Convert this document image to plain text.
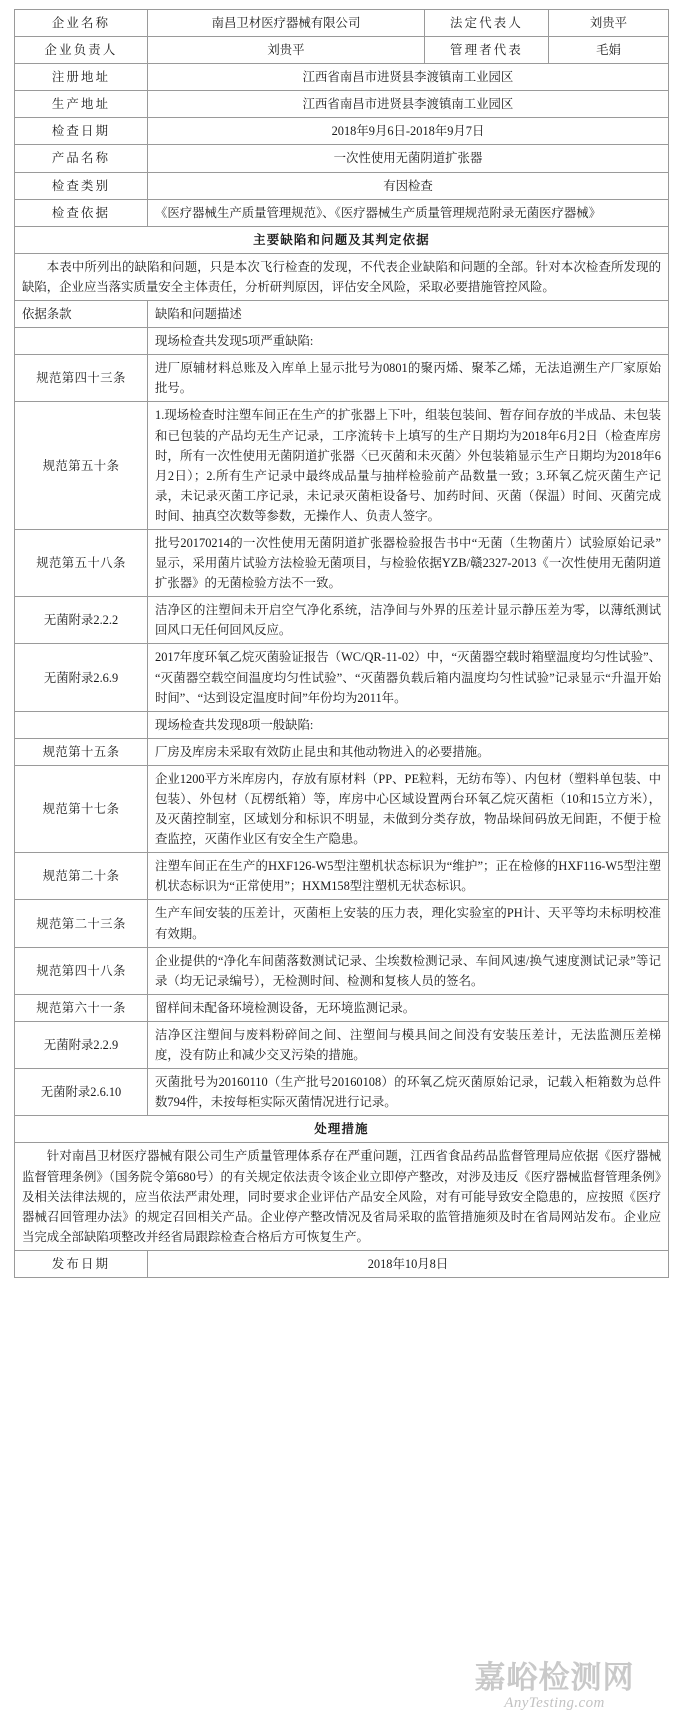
企业名称	南昌卫材医疗器械有限公司	法定代表人	刘贵平
企业负责人	刘贵平	管理者代表	毛娟
注册地址	江西省南昌市进贤县李渡镇南工业园区		
生产地址	江西省南昌市进贤县李渡镇南工业园区		
检查日期	2018年9月6日-2018年9月7日		
产品名称	一次性使用无菌阴道扩张器		
检查类别	有因检查		
检查依据	《医疗器械生产质量管理规范》、《医疗器械生产质量管理规范附录无菌医疗器械》		
主要缺陷和问题及其判定依据			

本表中所列出的缺陷和问题，只是本次飞行检查的发现，不代表企业缺陷和问题的全部。针对本次检查所发现的缺陷，企业应当落实质量安全主体责任，分析研判原因，评估安全风险，采取必要措施管控风险。			

依据条款	缺陷和问题描述		
	现场检查共发现5项严重缺陷:		
规范第四十三条	进厂原辅材料总账及入库单上显示批号为0801的聚丙烯、聚苯乙烯，无法追溯生产厂家原始批号。		
规范第五十条	1.现场检查时注塑车间正在生产的扩张器上下叶，组装包装间、暂存间存放的半成品、未包装和已包装的产品均无生产记录，工序流转卡上填写的生产日期均为2018年6月2日（检查库房时，所有一次性使用无菌阴道扩张器〈已灭菌和未灭菌〉外包装箱显示生产日期均为2018年6月2日）；2.所有生产记录中最终成品量与抽样检验前产品数量一致；3.环氧乙烷灭菌生产记录，未记录灭菌工序记录，未记录灭菌柜设备号、加药时间、灭菌（保温）时间、灭菌完成时间、抽真空次数等参数，无操作人、负责人签字。		
规范第五十八条	批号20170214的一次性使用无菌阴道扩张器检验报告书中“无菌（生物菌片）试验原始记录”显示，采用菌片试验方法检验无菌项目，与检验依据YZB/赣2327-2013《一次性使用无菌阴道扩张器》的无菌检验方法不一致。		
无菌附录2.2.2	洁净区的注塑间未开启空气净化系统，洁净间与外界的压差计显示静压差为零，以薄纸测试回风口无任何回风反应。		
无菌附录2.6.9	2017年度环氧乙烷灭菌验证报告（WC/QR-11-02）中，“灭菌器空载时箱壁温度均匀性试验”、“灭菌器空载空间温度均匀性试验”、“灭菌器负载后箱内温度均匀性试验”记录显示“升温开始时间”、“达到设定温度时间”年份均为2011年。		
	现场检查共发现8项一般缺陷:		
规范第十五条	厂房及库房未采取有效防止昆虫和其他动物进入的必要措施。		
规范第十七条	企业1200平方米库房内，存放有原材料（PP、PE粒料，无纺布等）、内包材（塑料单包装、中包装）、外包材（瓦楞纸箱）等，库房中心区域设置两台环氧乙烷灭菌柜（10和15立方米），及灭菌控制室，区域划分和标识不明显，未做到分类存放，物品垛间码放无间距，不便于检查监控，灭菌作业区有安全生产隐患。		
规范第二十条	注塑车间正在生产的HXF126-W5型注塑机状态标识为“维护”；正在检修的HXF116-W5型注塑机状态标识为“正常使用”；HXM158型注塑机无状态标识。		
规范第二十三条	生产车间安装的压差计，灭菌柜上安装的压力表，理化实验室的PH计、天平等均未标明校准有效期。		
规范第四十八条	企业提供的“净化车间菌落数测试记录、尘埃数检测记录、车间风速/换气速度测试记录”等记录（均无记录编号），无检测时间、检测和复核人员的签名。		
规范第六十一条	留样间未配备环境检测设备，无环境监测记录。		
无菌附录2.2.9	洁净区注塑间与废料粉碎间之间、注塑间与模具间之间没有安装压差计，无法监测压差梯度，没有防止和减少交叉污染的措施。		
无菌附录2.6.10	灭菌批号为20160110（生产批号20160108）的环氧乙烷灭菌原始记录，记载入柜箱数为总件数794件，未按每柜实际灭菌情况进行记录。		
处理措施			

针对南昌卫材医疗器械有限公司生产质量管理体系存在严重问题，江西省食品药品监督管理局应依据《医疗器械监督管理条例》（国务院令第680号）的有关规定依法责令该企业立即停产整改，对涉及违反《医疗器械监督管理条例》及相关法律法规的，应当依法严肃处理，同时要求企业评估产品安全风险，对有可能导致安全隐患的，应按照《医疗器械召回管理办法》的规定召回相关产品。企业停产整改情况及省局采取的监管措施须及时在省局网站发布。企业应当完成全部缺陷项整改并经省局跟踪检查合格后方可恢复生产。			

发布日期	2018年10月8日		
嘉峪检测网
AnyTesting.com
